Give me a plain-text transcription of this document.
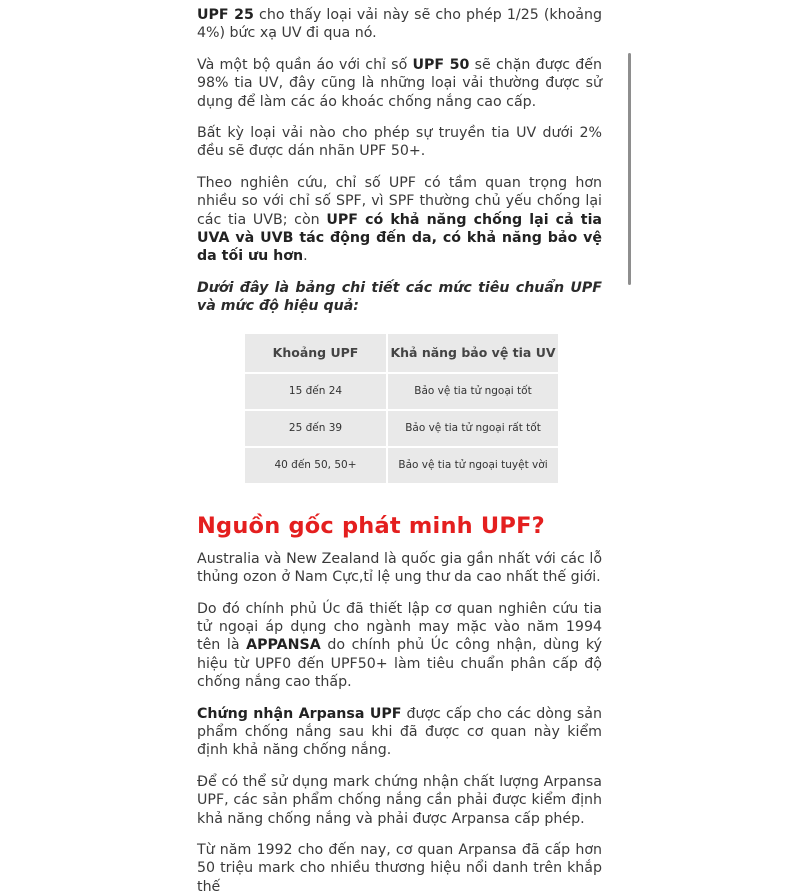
UPF 25 cho thấy loại vải này sẽ cho phép 1/25 (khoảng 4%) bức xạ UV đi qua nó.

Và một bộ quần áo với chỉ số UPF 50 sẽ chặn được đến 98% tia UV, đây cũng là những loại vải thường được sử dụng để làm các áo khoác chống nắng cao cấp.

Bất kỳ loại vải nào cho phép sự truyền tia UV dưới 2% đều sẽ được dán nhãn UPF 50+.

Theo nghiên cứu, chỉ số UPF có tầm quan trọng hơn nhiều so với chỉ số SPF, vì SPF thường chủ yếu chống lại các tia UVB; còn UPF có khả năng chống lại cả tia UVA và UVB tác động đến da, có khả năng bảo vệ da tối ưu hơn.

Dưới đây là bảng chi tiết các mức tiêu chuẩn UPF và mức độ hiệu quả:

Khoảng UPF	Khả năng bảo vệ tia UV
15 đến 24	Bảo vệ tia tử ngoại tốt
25 đến 39	Bảo vệ tia tử ngoại rất tốt
40 đến 50, 50+	Bảo vệ tia tử ngoại tuyệt vời
Nguồn gốc phát minh UPF?

Australia và New Zealand là quốc gia gần nhất với các lỗ thủng ozon ở Nam Cực,tỉ lệ ung thư da cao nhất thế giới.

Do đó chính phủ Úc đã thiết lập cơ quan nghiên cứu tia tử ngoại áp dụng cho ngành may mặc vào năm 1994 tên là APPANSA do chính phủ Úc công nhận, dùng ký hiệu từ UPF0 đến UPF50+ làm tiêu chuẩn phân cấp độ chống nắng cao thấp.

Chứng nhận Arpansa UPF được cấp cho các dòng sản phẩm chống nắng sau khi đã được cơ quan này kiểm định khả năng chống nắng.

Để có thể sử dụng mark chứng nhận chất lượng Arpansa UPF, các sản phẩm chống nắng cần phải được kiểm định khả năng chống nắng và phải được Arpansa cấp phép.

Từ năm 1992 cho đến nay, cơ quan Arpansa đã cấp hơn 50 triệu mark cho nhiều thương hiệu nổi danh trên khắp thế
